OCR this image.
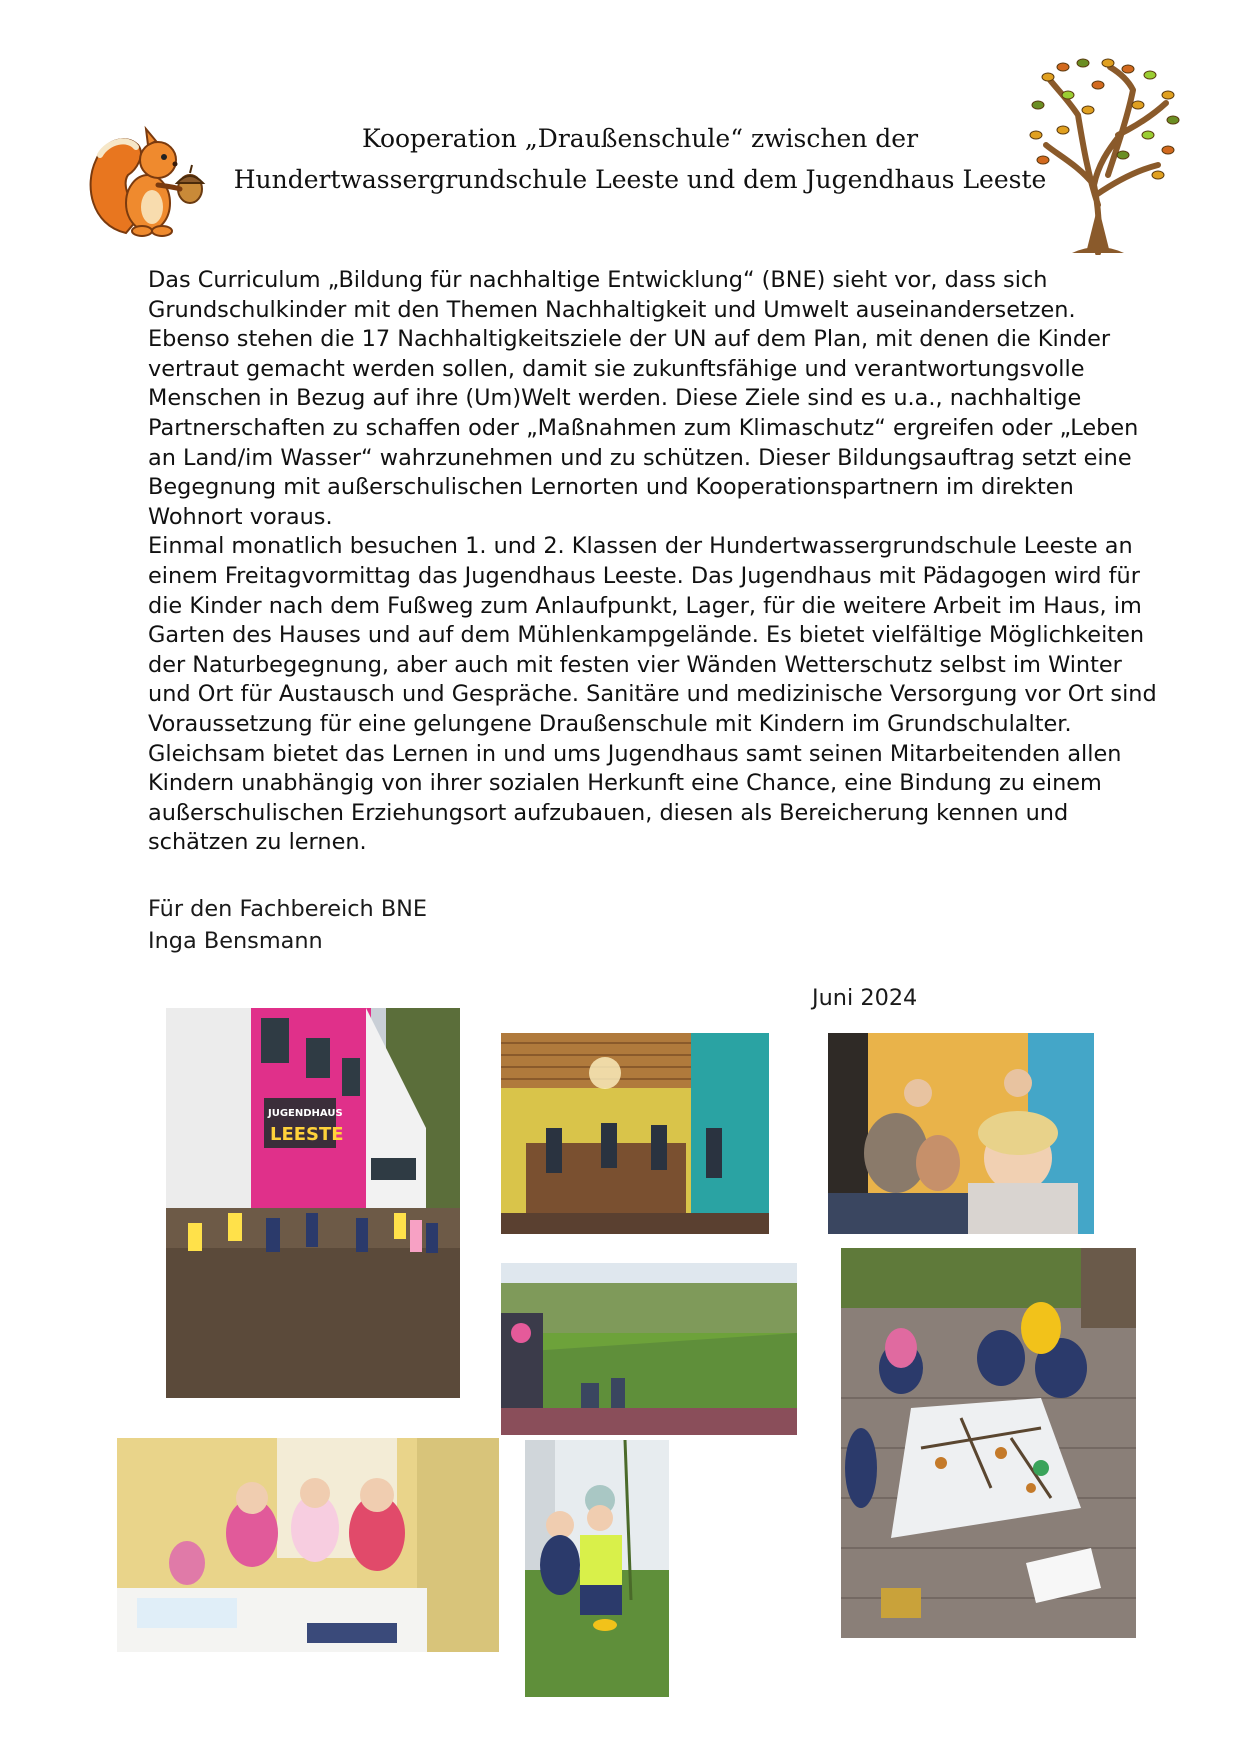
Kooperation „Draußenschule“ zwischen der
Hundertwassergrundschule Leeste und dem Jugendhaus Leeste

Das Curriculum „Bildung für nachhaltige Entwicklung“ (BNE) sieht vor, dass sich
Grundschulkinder mit den Themen Nachhaltigkeit und Umwelt auseinandersetzen.
Ebenso stehen die 17 Nachhaltigkeitsziele der UN auf dem Plan, mit denen die Kinder
vertraut gemacht werden sollen, damit sie zukunftsfähige und verantwortungsvolle
Menschen in Bezug auf ihre (Um)Welt werden. Diese Ziele sind es u.a., nachhaltige
Partnerschaften zu schaffen oder „Maßnahmen zum Klimaschutz“ ergreifen oder „Leben
an Land/im Wasser“ wahrzunehmen und zu schützen. Dieser Bildungsauftrag setzt eine
Begegnung mit außerschulischen Lernorten und Kooperationspartnern im direkten
Wohnort voraus.

Einmal monatlich besuchen 1. und 2. Klassen der Hundertwassergrundschule Leeste an
einem Freitagvormittag das Jugendhaus Leeste. Das Jugendhaus mit Pädagogen wird für
die Kinder nach dem Fußweg zum Anlaufpunkt, Lager, für die weitere Arbeit im Haus, im
Garten des Hauses und auf dem Mühlenkampgelände. Es bietet vielfältige Möglichkeiten
der Naturbegegnung, aber auch mit festen vier Wänden Wetterschutz selbst im Winter
und Ort für Austausch und Gespräche. Sanitäre und medizinische Versorgung vor Ort sind
Voraussetzung für eine gelungene Draußenschule mit Kindern im Grundschulalter.
Gleichsam bietet das Lernen in und ums Jugendhaus samt seinen Mitarbeitenden allen
Kindern unabhängig von ihrer sozialen Herkunft eine Chance, eine Bindung zu einem
außerschulischen Erziehungsort aufzubauen, diesen als Bereicherung kennen und
schätzen zu lernen.

Für den Fachbereich BNE
Inga Bensmann
Juni 2024
JUGENDHAUS
LEESTE
